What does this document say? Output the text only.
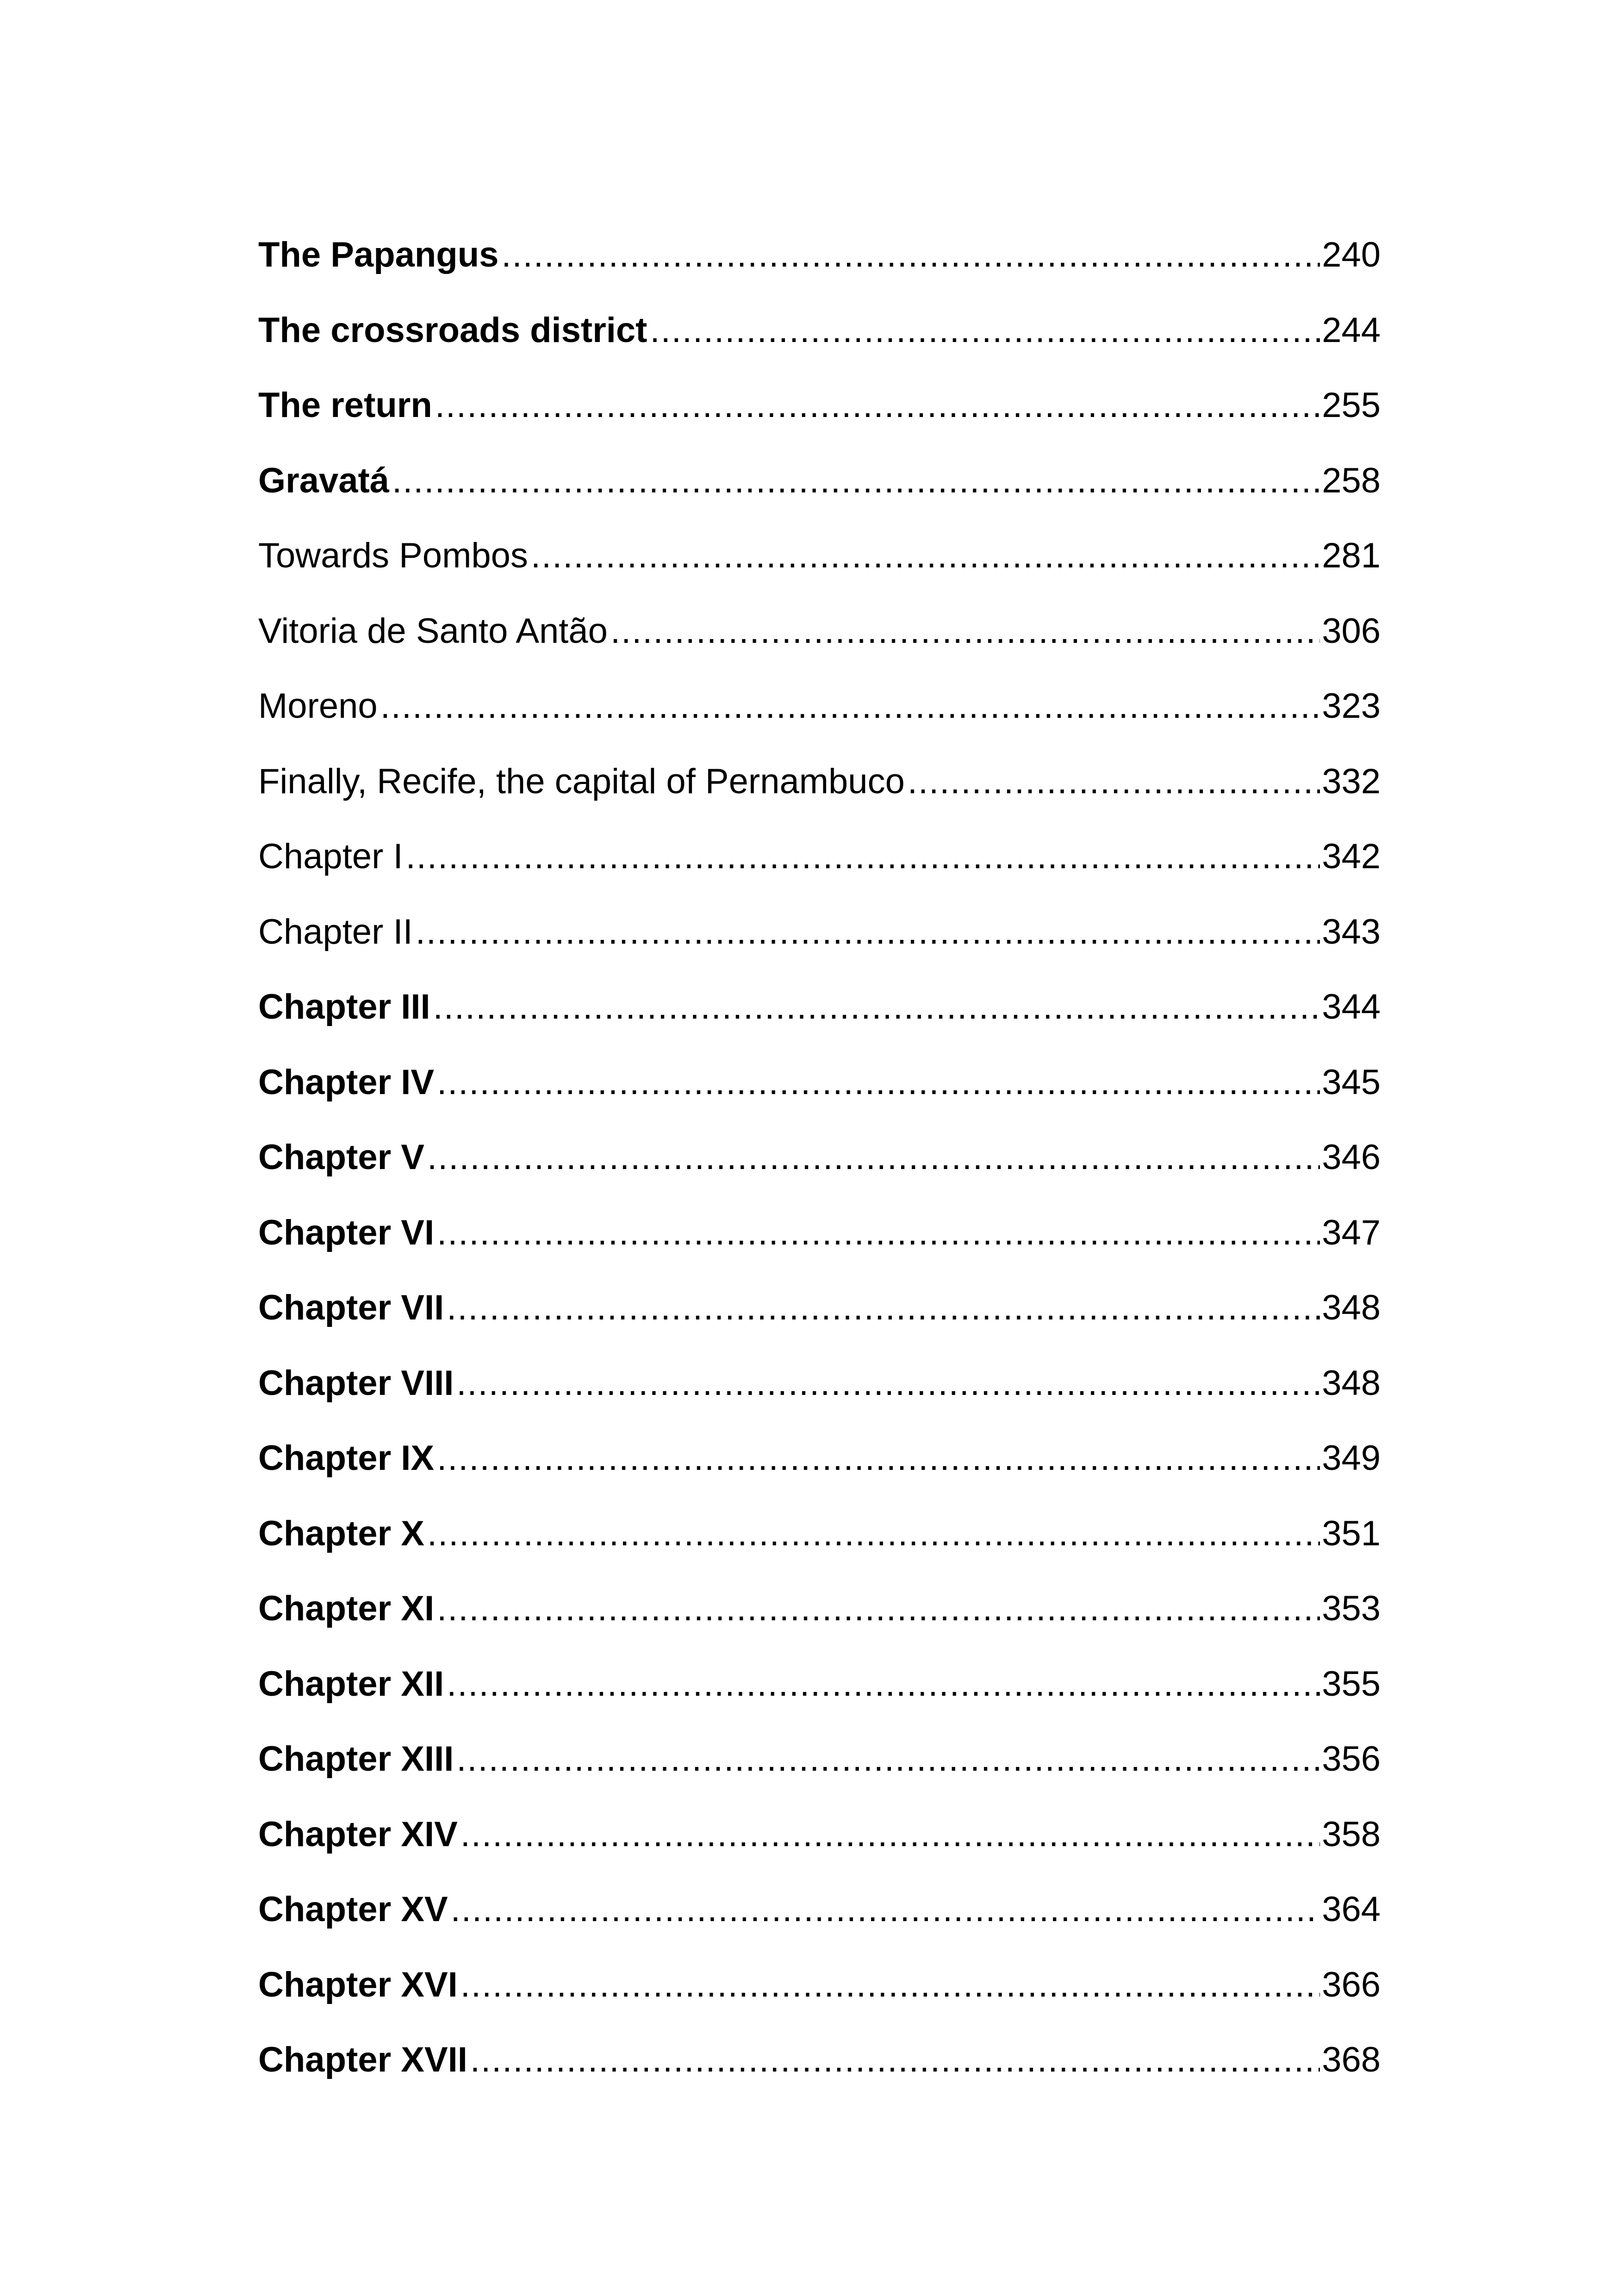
The Papangus .....	240
The crossroads district .....	244
The return .....	255
Gravatá .....	258
Towards Pombos .....	281
Vitoria de Santo Antão .....	306
Moreno .....	323
Finally, Recife, the capital of Pernambuco .....	332
Chapter I .....	342
Chapter II .....	343
Chapter III .....	344
Chapter IV .....	345
Chapter V .....	346
Chapter VI .....	347
Chapter VII .....	348
Chapter VIII .....	348
Chapter IX .....	349
Chapter X .....	351
Chapter XI .....	353
Chapter XII .....	355
Chapter XIII .....	356
Chapter XIV .....	358
Chapter XV .....	364
Chapter XVI .....	366
Chapter XVII .....	368
